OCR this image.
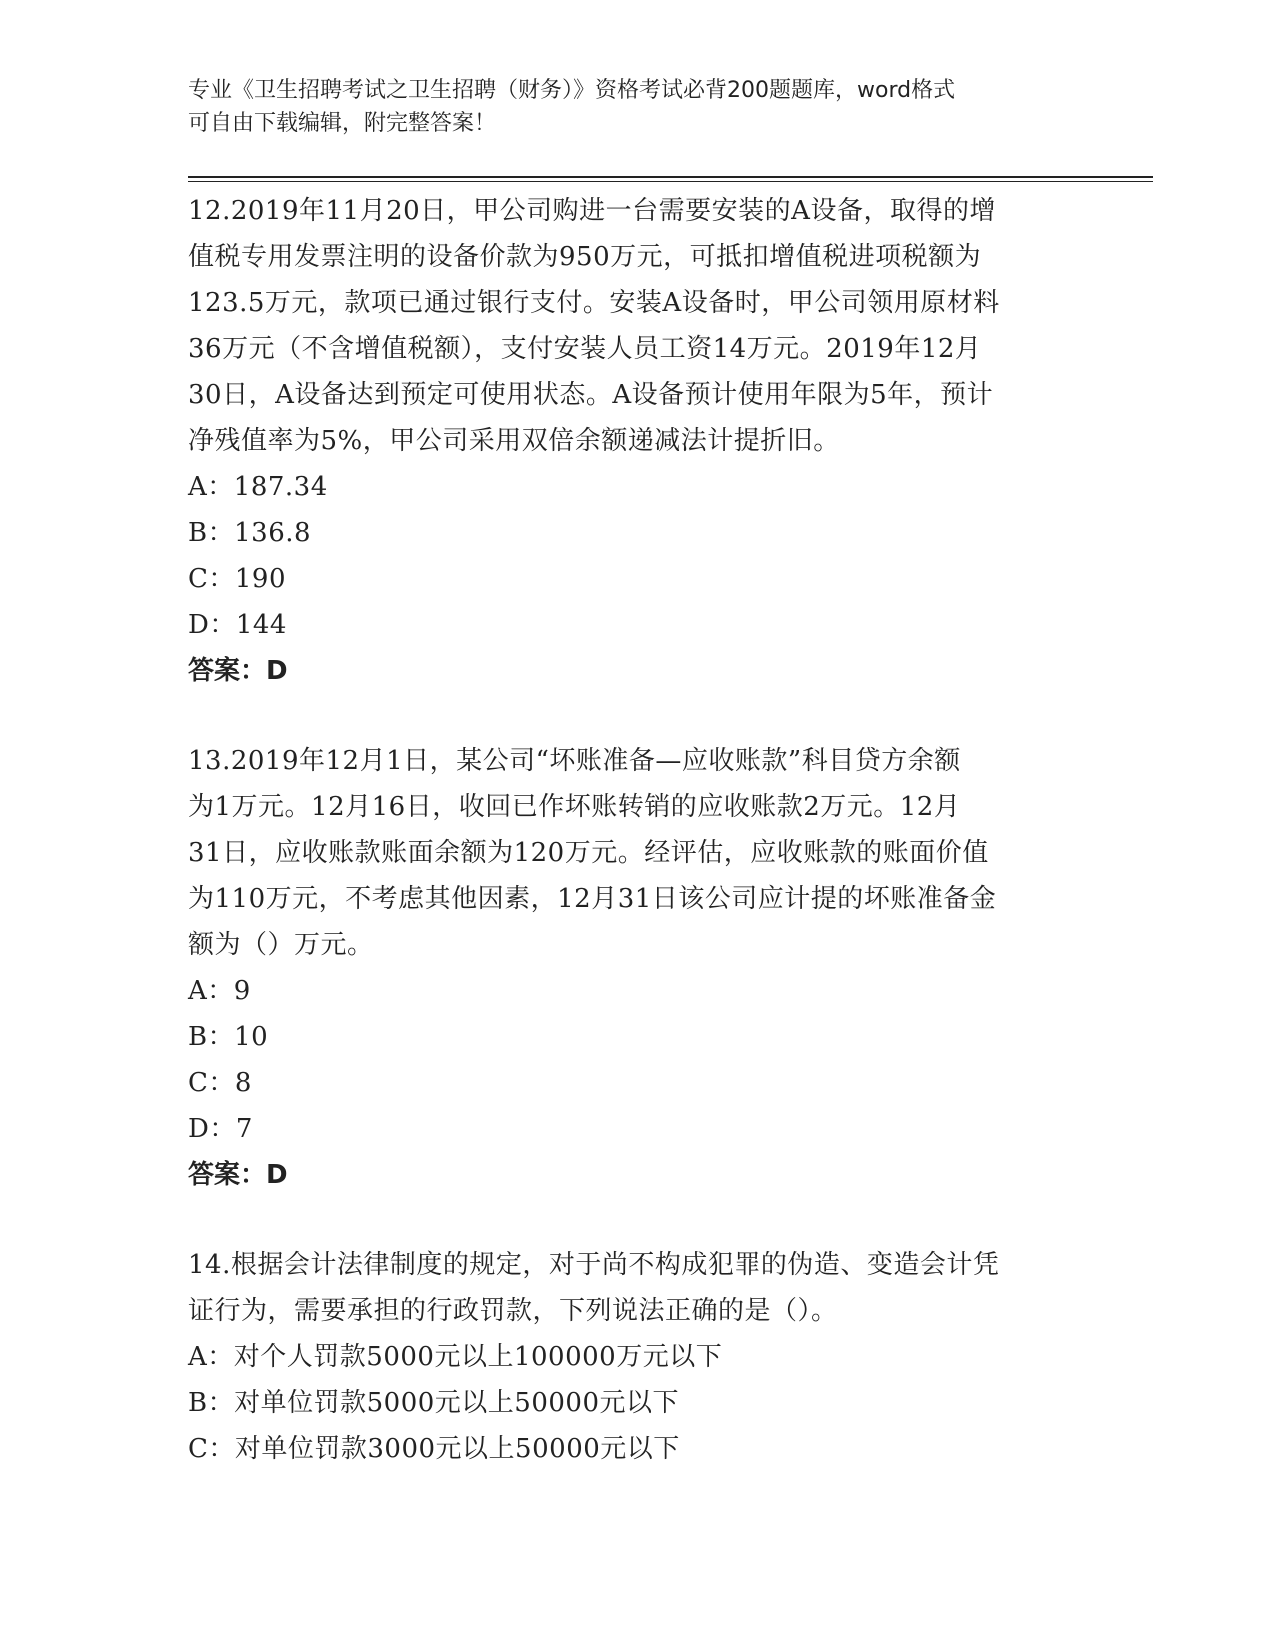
专业《卫生招聘考试之卫生招聘（财务）》资格考试必背200题题库，word格式
可自由下载编辑，附完整答案！
12.2019年11月20日，甲公司购进一台需要安装的A设备，取得的增
值税专用发票注明的设备价款为950万元，可抵扣增值税进项税额为
123.5万元，款项已通过银行支付。安装A设备时，甲公司领用原材料
36万元（不含增值税额），支付安装人员工资14万元。2019年12月
30日，A设备达到预定可使用状态。A设备预计使用年限为5年，预计
净残值率为5%，甲公司采用双倍余额递减法计提折旧。
A：187.34
B：136.8
C：190
D：144
答案：D
13.2019年12月1日，某公司“坏账准备—应收账款”科目贷方余额
为1万元。12月16日，收回已作坏账转销的应收账款2万元。12月
31日，应收账款账面余额为120万元。经评估，应收账款的账面价值
为110万元，不考虑其他因素，12月31日该公司应计提的坏账准备金
额为（）万元。
A：9
B：10
C：8
D：7
答案：D
14.根据会计法律制度的规定，对于尚不构成犯罪的伪造、变造会计凭
证行为，需要承担的行政罚款，下列说法正确的是（）。
A：对个人罚款5000元以上100000万元以下
B：对单位罚款5000元以上50000元以下
C：对单位罚款3000元以上50000元以下
